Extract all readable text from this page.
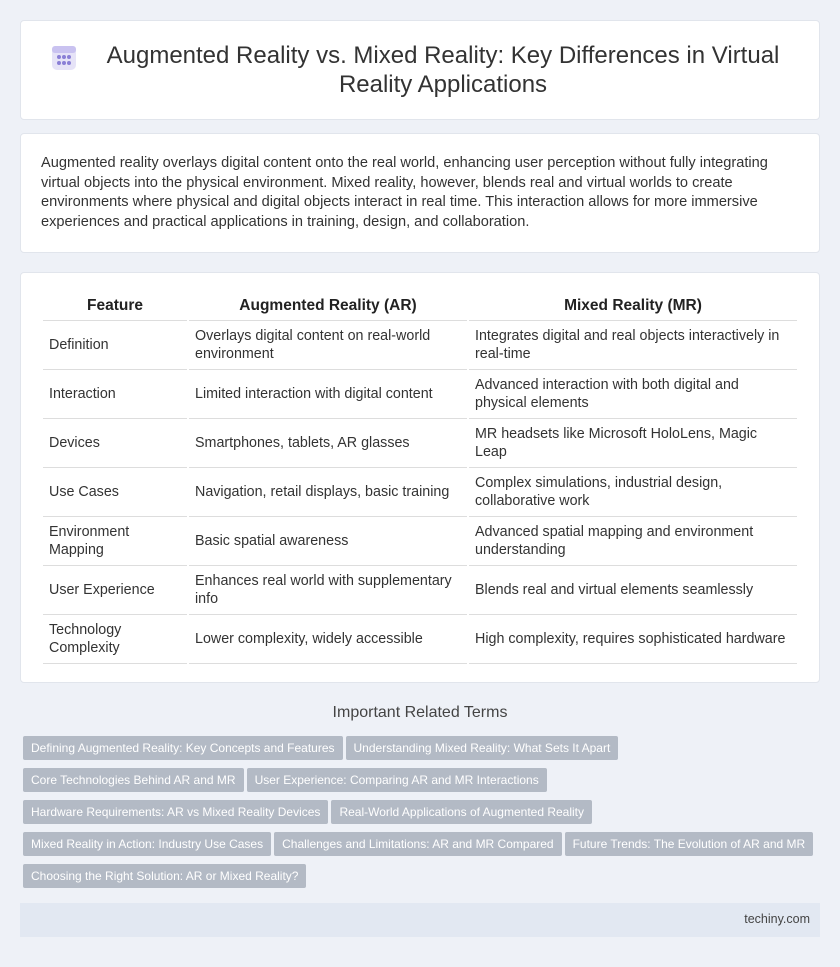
Augmented Reality vs. Mixed Reality: Key Differences in Virtual Reality Applications

Augmented reality overlays digital content onto the real world, enhancing user perception without fully integrating virtual objects into the physical environment. Mixed reality, however, blends real and virtual worlds to create environments where physical and digital objects interact in real time. This interaction allows for more immersive experiences and practical applications in training, design, and collaboration.

Feature	Augmented Reality (AR)	Mixed Reality (MR)
Definition	Overlays digital content on real-world environment	Integrates digital and real objects interactively in real-time
Interaction	Limited interaction with digital content	Advanced interaction with both digital and physical elements
Devices	Smartphones, tablets, AR glasses	MR headsets like Microsoft HoloLens, Magic Leap
Use Cases	Navigation, retail displays, basic training	Complex simulations, industrial design, collaborative work
Environment Mapping	Basic spatial awareness	Advanced spatial mapping and environment understanding
User Experience	Enhances real world with supplementary info	Blends real and virtual elements seamlessly
Technology Complexity	Lower complexity, widely accessible	High complexity, requires sophisticated hardware
Important Related Terms
Defining Augmented Reality: Key Concepts and Features Understanding Mixed Reality: What Sets It Apart
Core Technologies Behind AR and MR User Experience: Comparing AR and MR Interactions
Hardware Requirements: AR vs Mixed Reality Devices Real-World Applications of Augmented Reality
Mixed Reality in Action: Industry Use Cases Challenges and Limitations: AR and MR Compared Future Trends: The Evolution of AR and MR
Choosing the Right Solution: AR or Mixed Reality?
techiny.com
